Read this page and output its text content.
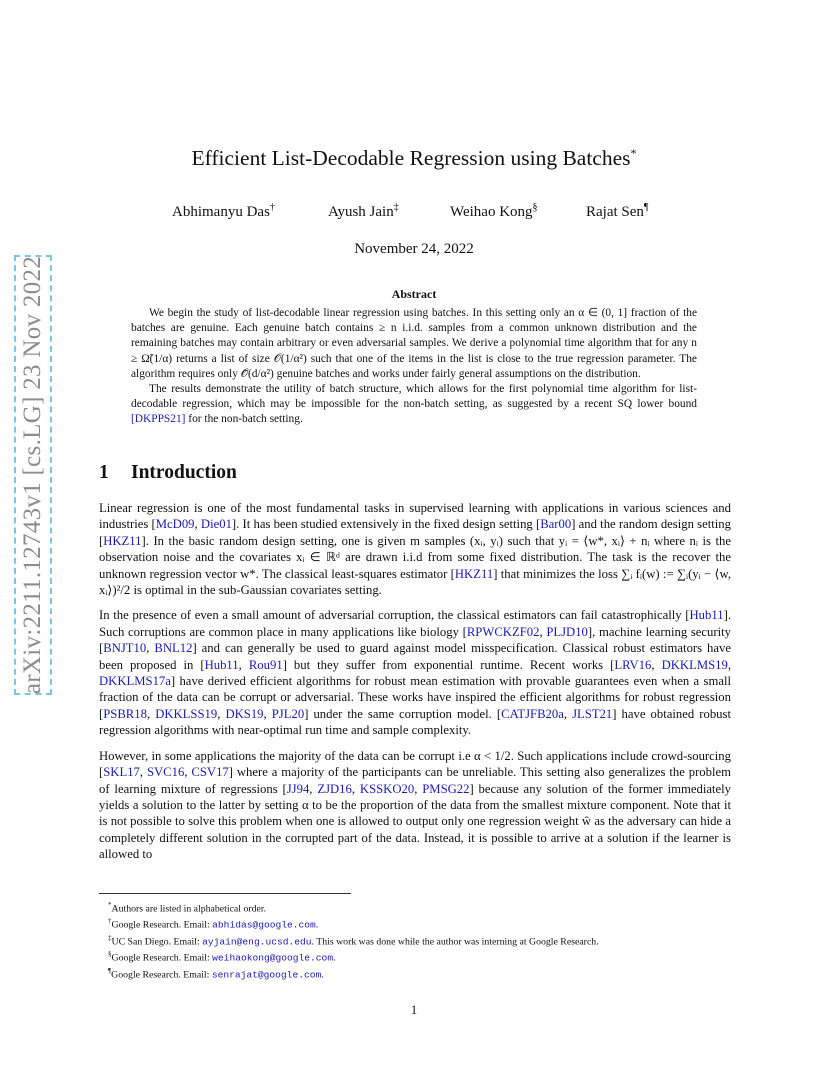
arXiv:2211.12743v1 [cs.LG] 23 Nov 2022
Efficient List-Decodable Regression using Batches*
Abhimanyu Das†	Ayush Jain‡	Weihao Kong§	Rajat Sen¶
November 24, 2022
Abstract

We begin the study of list-decodable linear regression using batches. In this setting only an α ∈ (0, 1] fraction of the batches are genuine. Each genuine batch contains ≥ n i.i.d. samples from a common unknown distribution and the remaining batches may contain arbitrary or even adversarial samples. We derive a polynomial time algorithm that for any n ≥ Ω̃(1/α) returns a list of size 𝒪(1/α²) such that one of the items in the list is close to the true regression parameter. The algorithm requires only 𝒪̃(d/α²) genuine batches and works under fairly general assumptions on the distribution.

The results demonstrate the utility of batch structure, which allows for the first polynomial time algorithm for list-decodable regression, which may be impossible for the non-batch setting, as suggested by a recent SQ lower bound [DKPPS21] for the non-batch setting.

1 Introduction

Linear regression is one of the most fundamental tasks in supervised learning with applications in various sciences and industries [McD09, Die01]. It has been studied extensively in the fixed design setting [Bar00] and the random design setting [HKZ11]. In the basic random design setting, one is given m samples (xᵢ, yᵢ) such that yᵢ = ⟨w*, xᵢ⟩ + nᵢ where nᵢ is the observation noise and the covariates xᵢ ∈ ℝᵈ are drawn i.i.d from some fixed distribution. The task is the recover the unknown regression vector w*. The classical least-squares estimator [HKZ11] that minimizes the loss ∑ᵢ fᵢ(w) := ∑ᵢ(yᵢ − ⟨w, xᵢ⟩)²/2 is optimal in the sub-Gaussian covariates setting.

In the presence of even a small amount of adversarial corruption, the classical estimators can fail catastrophically [Hub11]. Such corruptions are common place in many applications like biology [RPWCKZF02, PLJD10], machine learning security [BNJT10, BNL12] and can generally be used to guard against model misspecification. Classical robust estimators have been proposed in [Hub11, Rou91] but they suffer from exponential runtime. Recent works [LRV16, DKKLMS19, DKKLMS17a] have derived efficient algorithms for robust mean estimation with provable guarantees even when a small fraction of the data can be corrupt or adversarial. These works have inspired the efficient algorithms for robust regression [PSBR18, DKKLSS19, DKS19, PJL20] under the same corruption model. [CATJFB20a, JLST21] have obtained robust regression algorithms with near-optimal run time and sample complexity.

However, in some applications the majority of the data can be corrupt i.e α < 1/2. Such applications include crowd-sourcing [SKL17, SVC16, CSV17] where a majority of the participants can be unreliable. This setting also generalizes the problem of learning mixture of regressions [JJ94, ZJD16, KSSKO20, PMSG22] because any solution of the former immediately yields a solution to the latter by setting α to be the proportion of the data from the smallest mixture component. Note that it is not possible to solve this problem when one is allowed to output only one regression weight ŵ as the adversary can hide a completely different solution in the corrupted part of the data. Instead, it is possible to arrive at a solution if the learner is allowed to

*Authors are listed in alphabetical order.
†Google Research. Email: abhidas@google.com.
‡UC San Diego. Email: ayjain@eng.ucsd.edu. This work was done while the author was interning at Google Research.
§Google Research. Email: weihaokong@google.com.
¶Google Research. Email: senrajat@google.com.
1
